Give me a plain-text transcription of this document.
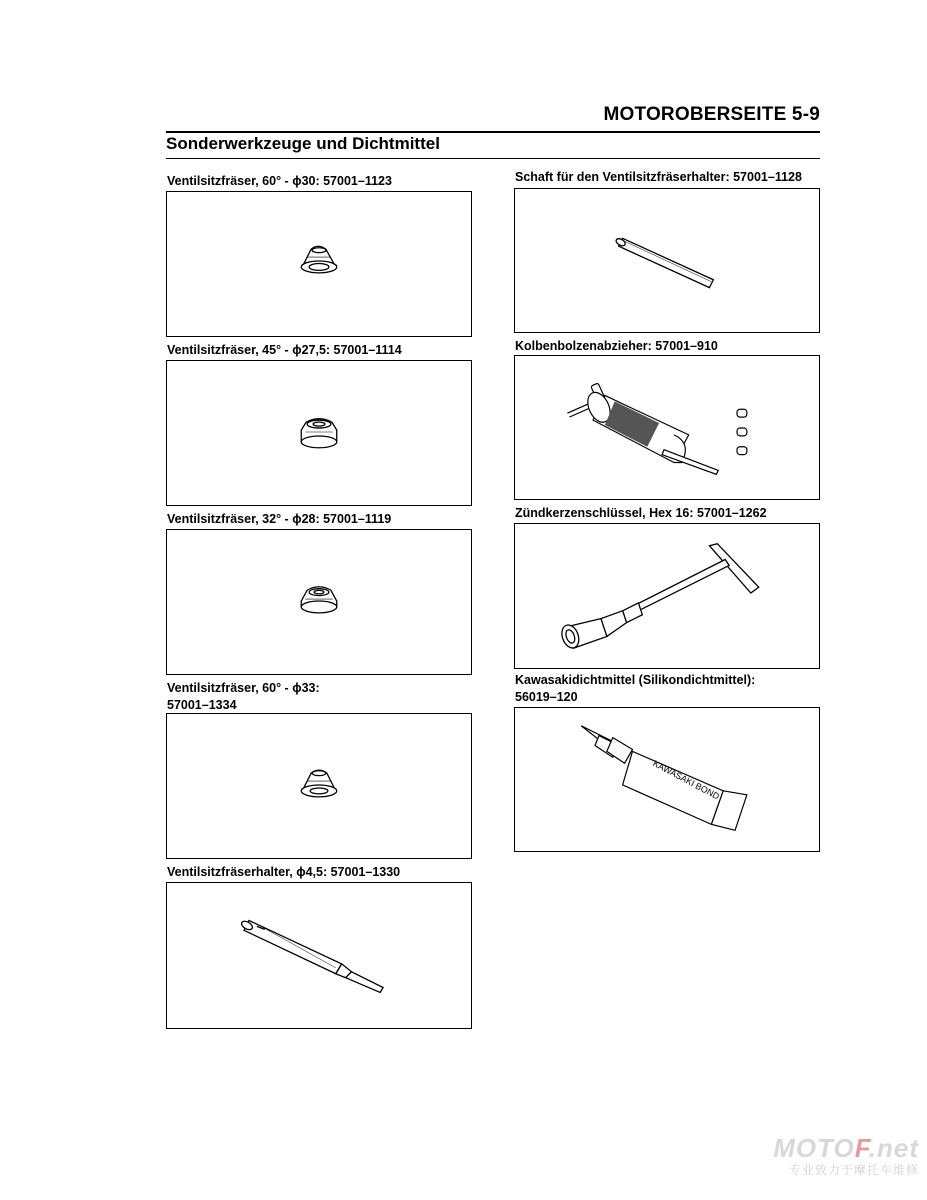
MOTOROBERSEITE 5-9
Sonderwerkzeuge und Dichtmittel
Ventilsitzfräser, 60° - ϕ30: 57001–1123
Ventilsitzfräser, 45° - ϕ27,5: 57001–1114
Ventilsitzfräser, 32° - ϕ28: 57001–1119
Ventilsitzfräser, 60° - ϕ33:
57001–1334
Ventilsitzfräserhalter, ϕ4,5: 57001–1330
Schaft für den Ventilsitzfräserhalter: 57001–1128
Kolbenbolzenabzieher: 57001–910
Zündkerzenschlüssel, Hex 16: 57001–1262
Kawasakidichtmittel (Silikondichtmittel):
56019–120
KAWASAKI BOND
MOTOF.net
专业致力于摩托车维修
